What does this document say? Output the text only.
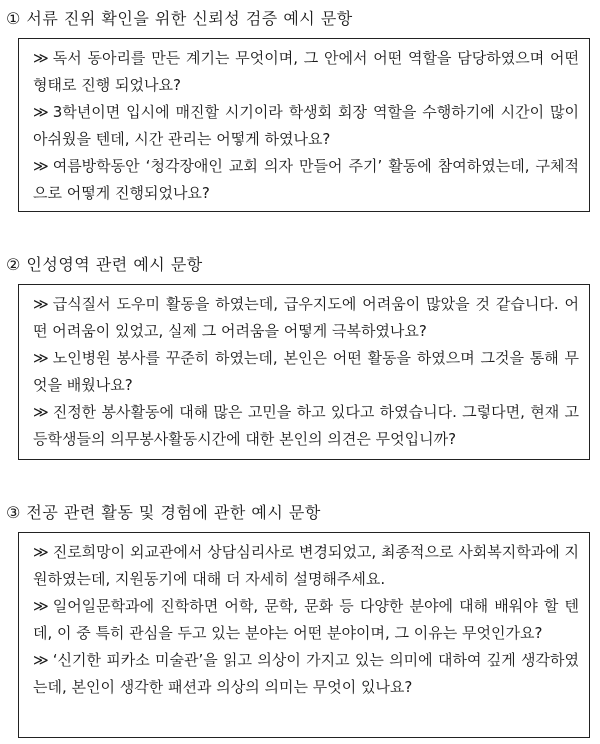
① 서류 진위 확인을 위한 신뢰성 검증 예시 문항

≫ 독서 동아리를 만든 계기는 무엇이며, 그 안에서 어떤 역할을 담당하였으며 어떤 형태로 진행 되었나요?

≫ 3학년이면 입시에 매진할 시기이라 학생회 회장 역할을 수행하기에 시간이 많이 아쉬웠을 텐데, 시간 관리는 어떻게 하였나요?

≫ 여름방학동안 ‘청각장애인 교회 의자 만들어 주기’ 활동에 참여하였는데, 구체적으로 어떻게 진행되었나요?

② 인성영역 관련 예시 문항

≫ 급식질서 도우미 활동을 하였는데, 급우지도에 어려움이 많았을 것 같습니다. 어떤 어려움이 있었고, 실제 그 어려움을 어떻게 극복하였나요?

≫ 노인병원 봉사를 꾸준히 하였는데, 본인은 어떤 활동을 하였으며 그것을 통해 무엇을 배웠나요?

≫ 진정한 봉사활동에 대해 많은 고민을 하고 있다고 하였습니다. 그렇다면, 현재 고등학생들의 의무봉사활동시간에 대한 본인의 의견은 무엇입니까?

③ 전공 관련 활동 및 경험에 관한 예시 문항

≫ 진로희망이 외교관에서 상담심리사로 변경되었고, 최종적으로 사회복지학과에 지원하였는데, 지원동기에 대해 더 자세히 설명해주세요.

≫ 일어일문학과에 진학하면 어학, 문학, 문화 등 다양한 분야에 대해 배워야 할 텐데, 이 중 특히 관심을 두고 있는 분야는 어떤 분야이며, 그 이유는 무엇인가요?

≫ ‘신기한 피카소 미술관’을 읽고 의상이 가지고 있는 의미에 대하여 깊게 생각하였는데, 본인이 생각한 패션과 의상의 의미는 무엇이 있나요?
